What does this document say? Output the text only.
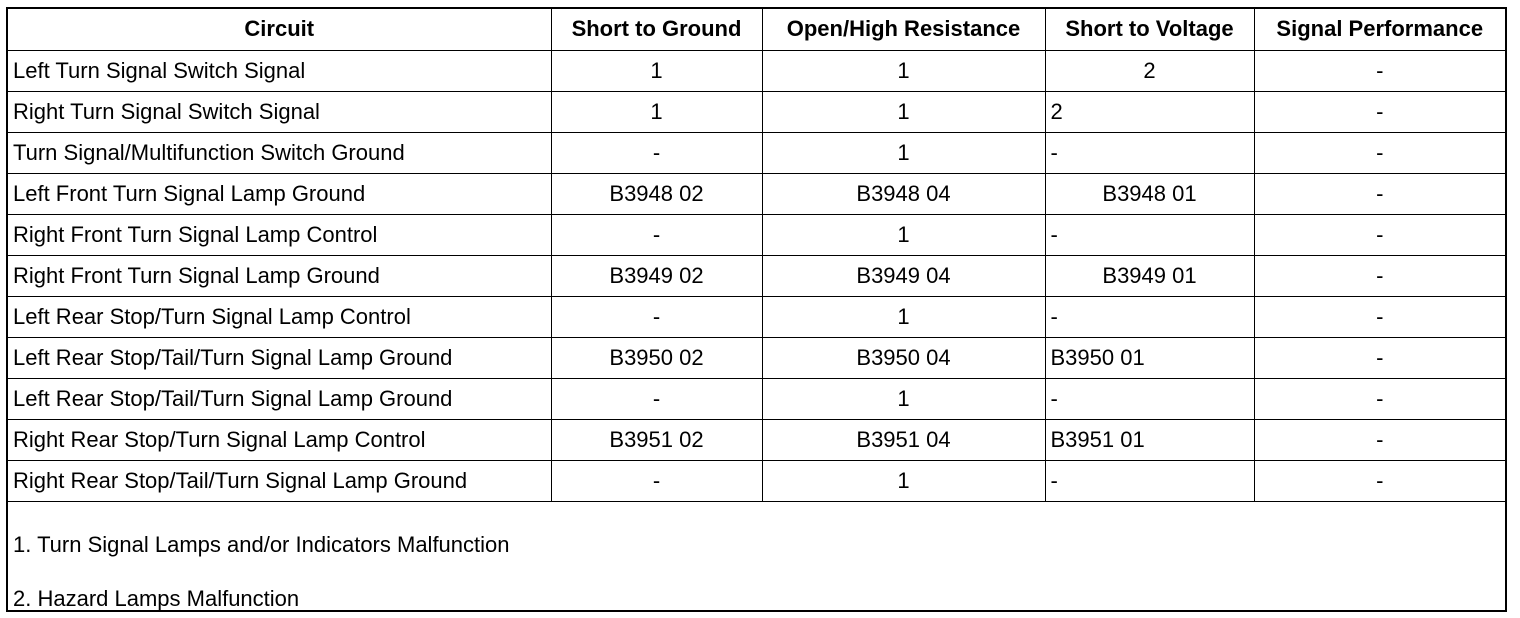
Circuit	Short to Ground	Open/High Resistance	Short to Voltage	Signal Performance
Left Turn Signal Switch Signal	1	1	2	-
Right Turn Signal Switch Signal	1	1	2	-
Turn Signal/Multifunction Switch Ground	-	1	-	-
Left Front Turn Signal Lamp Ground	B3948 02	B3948 04	B3948 01	-
Right Front Turn Signal Lamp Control	-	1	-	-
Right Front Turn Signal Lamp Ground	B3949 02	B3949 04	B3949 01	-
Left Rear Stop/Turn Signal Lamp Control	-	1	-	-
Left Rear Stop/Tail/Turn Signal Lamp Ground	B3950 02	B3950 04	B3950 01	-
Left Rear Stop/Tail/Turn Signal Lamp Ground	-	1	-	-
Right Rear Stop/Turn Signal Lamp Control	B3951 02	B3951 04	B3951 01	-
Right Rear Stop/Tail/Turn Signal Lamp Ground	-	1	-	-
1. Turn Signal Lamps and/or Indicators Malfunction
2. Hazard Lamps Malfunction
